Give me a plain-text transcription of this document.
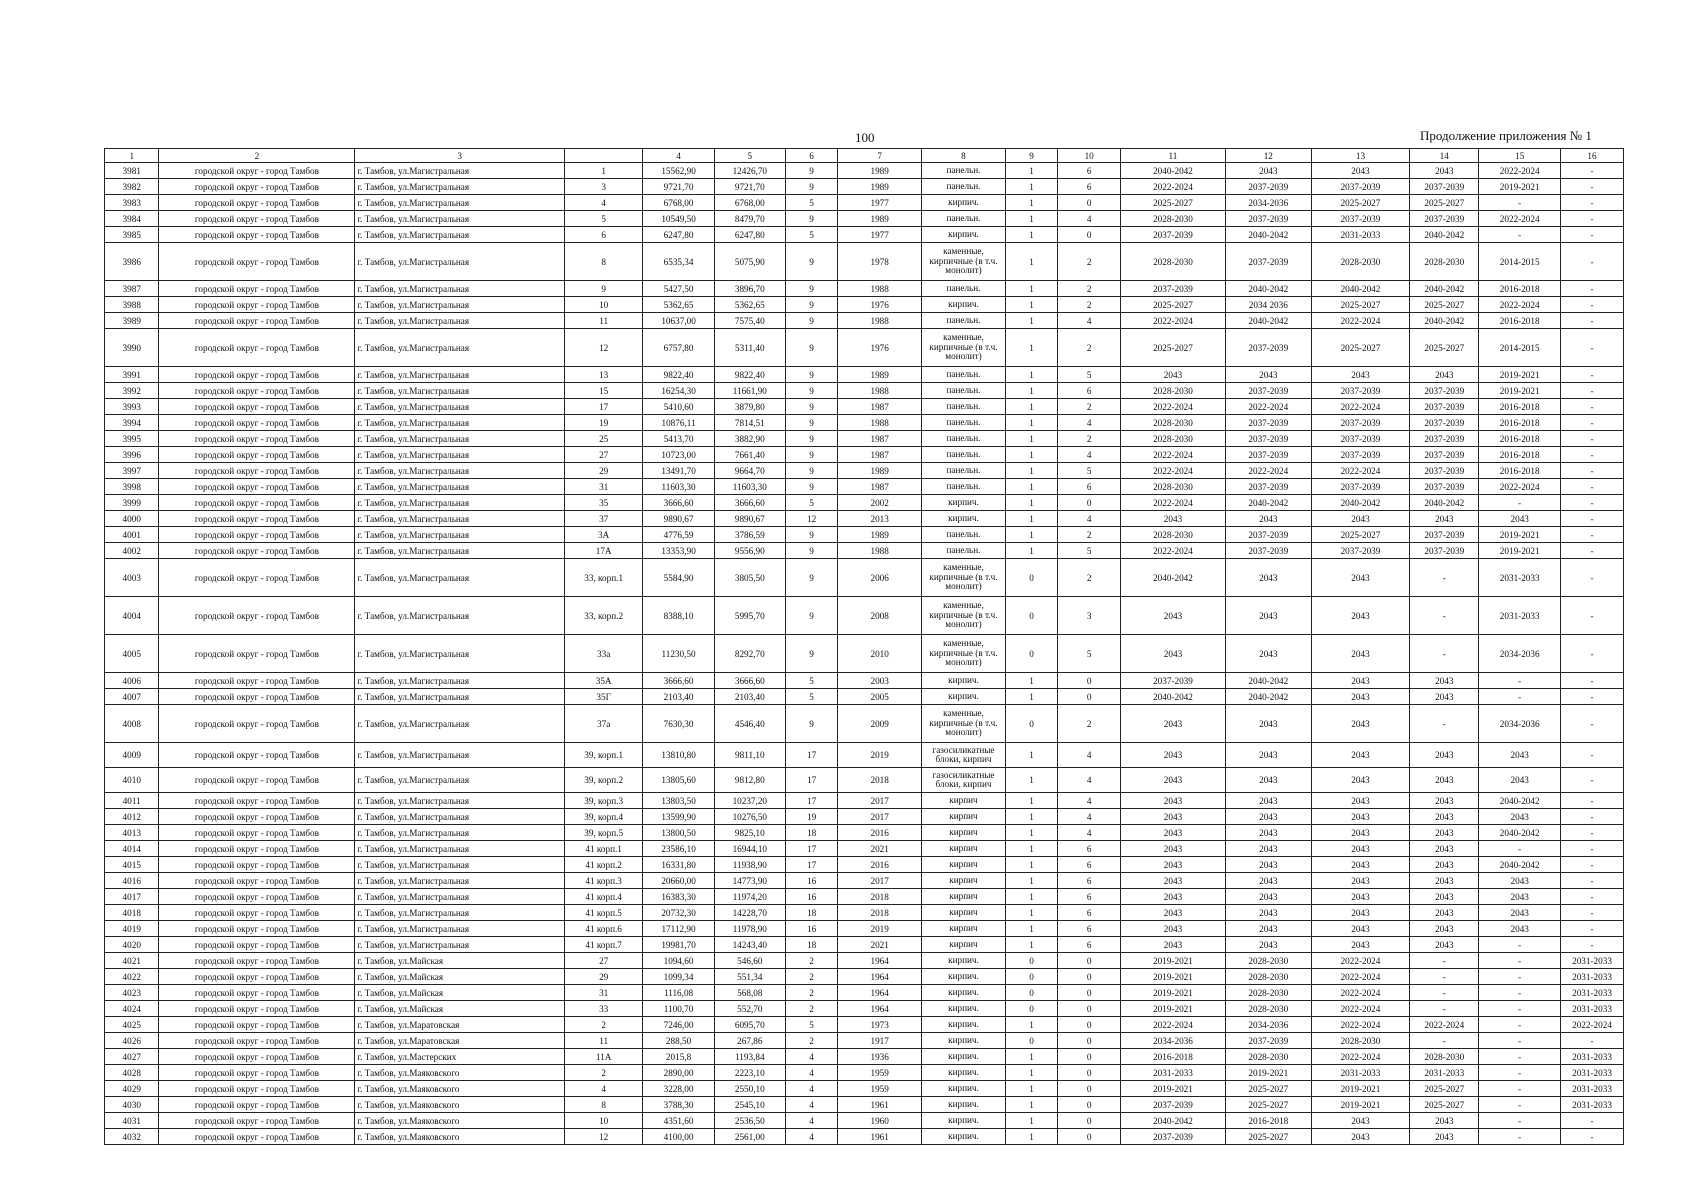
100	Продолжение приложения № 1
1	2	3		4	5	6	7	8	9	10	11	12	13	14	15	16
3981	городской округ - город Тамбов	г. Тамбов, ул.Магистральная	1	15562,90	12426,70	9	1989	панельн.	1	6	2040-2042	2043	2043	2043	2022-2024	-
3982	городской округ - город Тамбов	г. Тамбов, ул.Магистральная	3	9721,70	9721,70	9	1989	панельн.	1	6	2022-2024	2037-2039	2037-2039	2037-2039	2019-2021	-
3983	городской округ - город Тамбов	г. Тамбов, ул.Магистральная	4	6768,00	6768,00	5	1977	кирпич.	1	0	2025-2027	2034-2036	2025-2027	2025-2027	-	-
3984	городской округ - город Тамбов	г. Тамбов, ул.Магистральная	5	10549,50	8479,70	9	1989	панельн.	1	4	2028-2030	2037-2039	2037-2039	2037-2039	2022-2024	-
3985	городской округ - город Тамбов	г. Тамбов, ул.Магистральная	6	6247,80	6247,80	5	1977	кирпич.	1	0	2037-2039	2040-2042	2031-2033	2040-2042	-	-
3986	городской округ - город Тамбов	г. Тамбов, ул.Магистральная	8	6535,34	5075,90	9	1978	каменные, кирпичные (в т.ч. монолит)	1	2	2028-2030	2037-2039	2028-2030	2028-2030	2014-2015	-
3987	городской округ - город Тамбов	г. Тамбов, ул.Магистральная	9	5427,50	3896,70	9	1988	панельн.	1	2	2037-2039	2040-2042	2040-2042	2040-2042	2016-2018	-
3988	городской округ - город Тамбов	г. Тамбов, ул.Магистральная	10	5362,65	5362,65	9	1976	кирпич.	1	2	2025-2027	2034 2036	2025-2027	2025-2027	2022-2024	-
3989	городской округ - город Тамбов	г. Тамбов, ул.Магистральная	11	10637,00	7575,40	9	1988	панельн.	1	4	2022-2024	2040-2042	2022-2024	2040-2042	2016-2018	-
3990	городской округ - город Тамбов	г. Тамбов, ул.Магистральная	12	6757,80	5311,40	9	1976	каменные, кирпичные (в т.ч. монолит)	1	2	2025-2027	2037-2039	2025-2027	2025-2027	2014-2015	-
3991	городской округ - город Тамбов	г. Тамбов, ул.Магистральная	13	9822,40	9822,40	9	1989	панельн.	1	5	2043	2043	2043	2043	2019-2021	-
3992	городской округ - город Тамбов	г. Тамбов, ул.Магистральная	15	16254,30	11661,90	9	1988	панельн.	1	6	2028-2030	2037-2039	2037-2039	2037-2039	2019-2021	-
3993	городской округ - город Тамбов	г. Тамбов, ул.Магистральная	17	5410,60	3879,80	9	1987	панельн.	1	2	2022-2024	2022-2024	2022-2024	2037-2039	2016-2018	-
3994	городской округ - город Тамбов	г. Тамбов, ул.Магистральная	19	10876,11	7814,51	9	1988	панельн.	1	4	2028-2030	2037-2039	2037-2039	2037-2039	2016-2018	-
3995	городской округ - город Тамбов	г. Тамбов, ул.Магистральная	25	5413,70	3882,90	9	1987	панельн.	1	2	2028-2030	2037-2039	2037-2039	2037-2039	2016-2018	-
3996	городской округ - город Тамбов	г. Тамбов, ул.Магистральная	27	10723,00	7661,40	9	1987	панельн.	1	4	2022-2024	2037-2039	2037-2039	2037-2039	2016-2018	-
3997	городской округ - город Тамбов	г. Тамбов, ул.Магистральная	29	13491,70	9664,70	9	1989	панельн.	1	5	2022-2024	2022-2024	2022-2024	2037-2039	2016-2018	-
3998	городской округ - город Тамбов	г. Тамбов, ул.Магистральная	31	11603,30	11603,30	9	1987	панельн.	1	6	2028-2030	2037-2039	2037-2039	2037-2039	2022-2024	-
3999	городской округ - город Тамбов	г. Тамбов, ул.Магистральная	35	3666,60	3666,60	5	2002	кирпич.	1	0	2022-2024	2040-2042	2040-2042	2040-2042	-	-
4000	городской округ - город Тамбов	г. Тамбов, ул.Магистральная	37	9890,67	9890,67	12	2013	кирпич.	1	4	2043	2043	2043	2043	2043	-
4001	городской округ - город Тамбов	г. Тамбов, ул.Магистральная	3А	4776,59	3786,59	9	1989	панельн.	1	2	2028-2030	2037-2039	2025-2027	2037-2039	2019-2021	-
4002	городской округ - город Тамбов	г. Тамбов, ул.Магистральная	17А	13353,90	9556,90	9	1988	панельн.	1	5	2022-2024	2037-2039	2037-2039	2037-2039	2019-2021	-
4003	городской округ - город Тамбов	г. Тамбов, ул.Магистральная	33, корп.1	5584,90	3805,50	9	2006	каменные, кирпичные (в т.ч. монолит)	0	2	2040-2042	2043	2043	-	2031-2033	-
4004	городской округ - город Тамбов	г. Тамбов, ул.Магистральная	33, корп.2	8388,10	5995,70	9	2008	каменные, кирпичные (в т.ч. монолит)	0	3	2043	2043	2043	-	2031-2033	-
4005	городской округ - город Тамбов	г. Тамбов, ул.Магистральная	33а	11230,50	8292,70	9	2010	каменные, кирпичные (в т.ч. монолит)	0	5	2043	2043	2043	-	2034-2036	-
4006	городской округ - город Тамбов	г. Тамбов, ул.Магистральная	35А	3666,60	3666,60	5	2003	кирпич.	1	0	2037-2039	2040-2042	2043	2043	-	-
4007	городской округ - город Тамбов	г. Тамбов, ул.Магистральная	35Г	2103,40	2103,40	5	2005	кирпич.	1	0	2040-2042	2040-2042	2043	2043	-	-
4008	городской округ - город Тамбов	г. Тамбов, ул.Магистральная	37а	7630,30	4546,40	9	2009	каменные, кирпичные (в т.ч. монолит)	0	2	2043	2043	2043	-	2034-2036	-
4009	городской округ - город Тамбов	г. Тамбов, ул.Магистральная	39, корп.1	13810,80	9811,10	17	2019	газосиликатные блоки, кирпич	1	4	2043	2043	2043	2043	2043	-
4010	городской округ - город Тамбов	г. Тамбов, ул.Магистральная	39, корп.2	13805,60	9812,80	17	2018	газосиликатные блоки, кирпич	1	4	2043	2043	2043	2043	2043	-
4011	городской округ - город Тамбов	г. Тамбов, ул.Магистральная	39, корп.3	13803,50	10237,20	17	2017	кирпич	1	4	2043	2043	2043	2043	2040-2042	-
4012	городской округ - город Тамбов	г. Тамбов, ул.Магистральная	39, корп.4	13599,90	10276,50	19	2017	кирпич	1	4	2043	2043	2043	2043	2043	-
4013	городской округ - город Тамбов	г. Тамбов, ул.Магистральная	39, корп.5	13800,50	9825,10	18	2016	кирпич	1	4	2043	2043	2043	2043	2040-2042	-
4014	городской округ - город Тамбов	г. Тамбов, ул.Магистральная	41 корп.1	23586,10	16944,10	17	2021	кирпич	1	6	2043	2043	2043	2043	-	-
4015	городской округ - город Тамбов	г. Тамбов, ул.Магистральная	41 корп.2	16331,80	11938,90	17	2016	кирпич	1	6	2043	2043	2043	2043	2040-2042	-
4016	городской округ - город Тамбов	г. Тамбов, ул.Магистральная	41 корп.3	20660,00	14773,90	16	2017	кирпич	1	6	2043	2043	2043	2043	2043	-
4017	городской округ - город Тамбов	г. Тамбов, ул.Магистральная	41 корп.4	16383,30	11974,20	16	2018	кирпич	1	6	2043	2043	2043	2043	2043	-
4018	городской округ - город Тамбов	г. Тамбов, ул.Магистральная	41 корп.5	20732,30	14228,70	18	2018	кирпич	1	6	2043	2043	2043	2043	2043	-
4019	городской округ - город Тамбов	г. Тамбов, ул.Магистральная	41 корп.6	17112,90	11978,90	16	2019	кирпич	1	6	2043	2043	2043	2043	2043	-
4020	городской округ - город Тамбов	г. Тамбов, ул.Магистральная	41 корп.7	19981,70	14243,40	18	2021	кирпич	1	6	2043	2043	2043	2043	-	-
4021	городской округ - город Тамбов	г. Тамбов, ул.Майская	27	1094,60	546,60	2	1964	кирпич.	0	0	2019-2021	2028-2030	2022-2024	-	-	2031-2033
4022	городской округ - город Тамбов	г. Тамбов, ул.Майская	29	1099,34	551,34	2	1964	кирпич.	0	0	2019-2021	2028-2030	2022-2024	-	-	2031-2033
4023	городской округ - город Тамбов	г. Тамбов, ул.Майская	31	1116,08	568,08	2	1964	кирпич.	0	0	2019-2021	2028-2030	2022-2024	-	-	2031-2033
4024	городской округ - город Тамбов	г. Тамбов, ул.Майская	33	1100,70	552,70	2	1964	кирпич.	0	0	2019-2021	2028-2030	2022-2024	-	-	2031-2033
4025	городской округ - город Тамбов	г. Тамбов, ул.Маратовская	2	7246,00	6095,70	5	1973	кирпич.	1	0	2022-2024	2034-2036	2022-2024	2022-2024	-	2022-2024
4026	городской округ - город Тамбов	г. Тамбов, ул.Маратовская	11	288,50	267,86	2	1917	кирпич.	0	0	2034-2036	2037-2039	2028-2030	-	-	-
4027	городской округ - город Тамбов	г. Тамбов, ул.Мастерских	11А	2015,8	1193,84	4	1936	кирпич.	1	0	2016-2018	2028-2030	2022-2024	2028-2030	-	2031-2033
4028	городской округ - город Тамбов	г. Тамбов, ул.Маяковского	2	2890,00	2223,10	4	1959	кирпич.	1	0	2031-2033	2019-2021	2031-2033	2031-2033	-	2031-2033
4029	городской округ - город Тамбов	г. Тамбов, ул.Маяковского	4	3228,00	2550,10	4	1959	кирпич.	1	0	2019-2021	2025-2027	2019-2021	2025-2027	-	2031-2033
4030	городской округ - город Тамбов	г. Тамбов, ул.Маяковского	8	3788,30	2545,10	4	1961	кирпич.	1	0	2037-2039	2025-2027	2019-2021	2025-2027	-	2031-2033
4031	городской округ - город Тамбов	г. Тамбов, ул.Маяковского	10	4351,60	2536,50	4	1960	кирпич.	1	0	2040-2042	2016-2018	2043	2043	-	-
4032	городской округ - город Тамбов	г. Тамбов, ул.Маяковского	12	4100,00	2561,00	4	1961	кирпич.	1	0	2037-2039	2025-2027	2043	2043	-	-
